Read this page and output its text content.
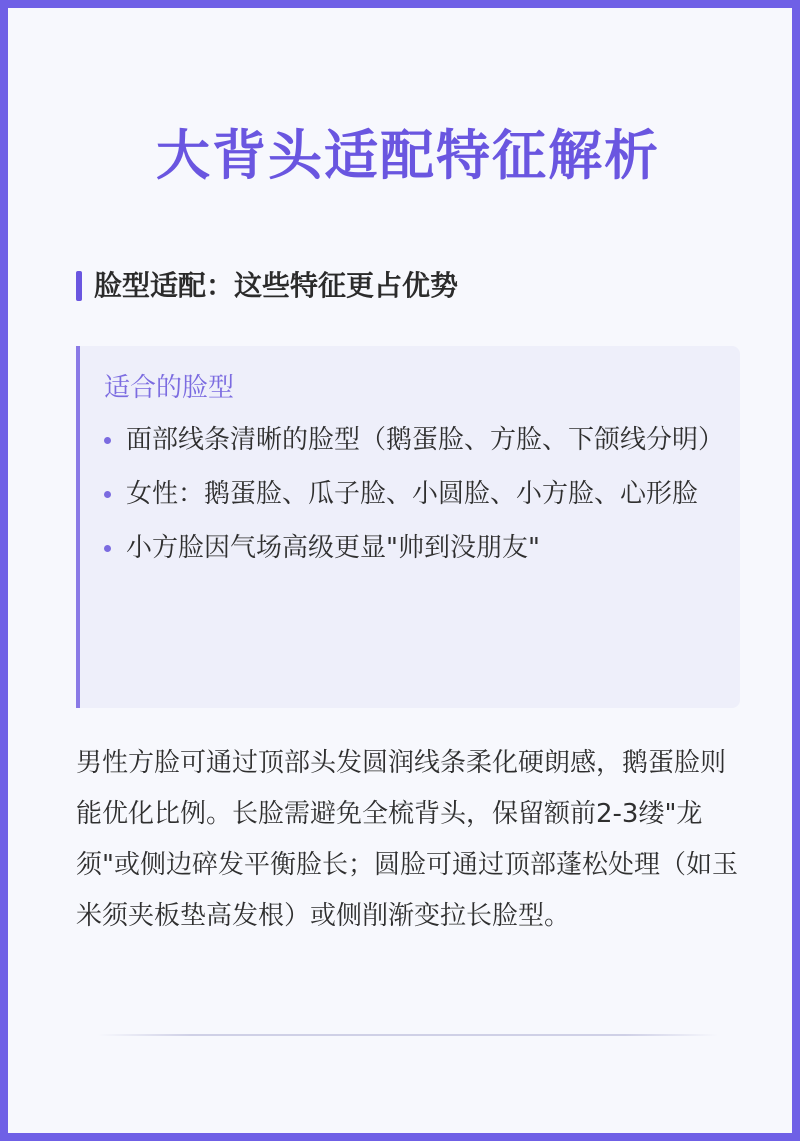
大背头适配特征解析
脸型适配：这些特征更占优势
适合的脸型
面部线条清晰的脸型（鹅蛋脸、方脸、下颌线分明）
女性：鹅蛋脸、瓜子脸、小圆脸、小方脸、心形脸
小方脸因气场高级更显"帅到没朋友"

男性方脸可通过顶部头发圆润线条柔化硬朗感，鹅蛋脸则能优化比例。长脸需避免全梳背头，保留额前2-3缕"龙须"或侧边碎发平衡脸长；圆脸可通过顶部蓬松处理（如玉米须夹板垫高发根）或侧削渐变拉长脸型。
